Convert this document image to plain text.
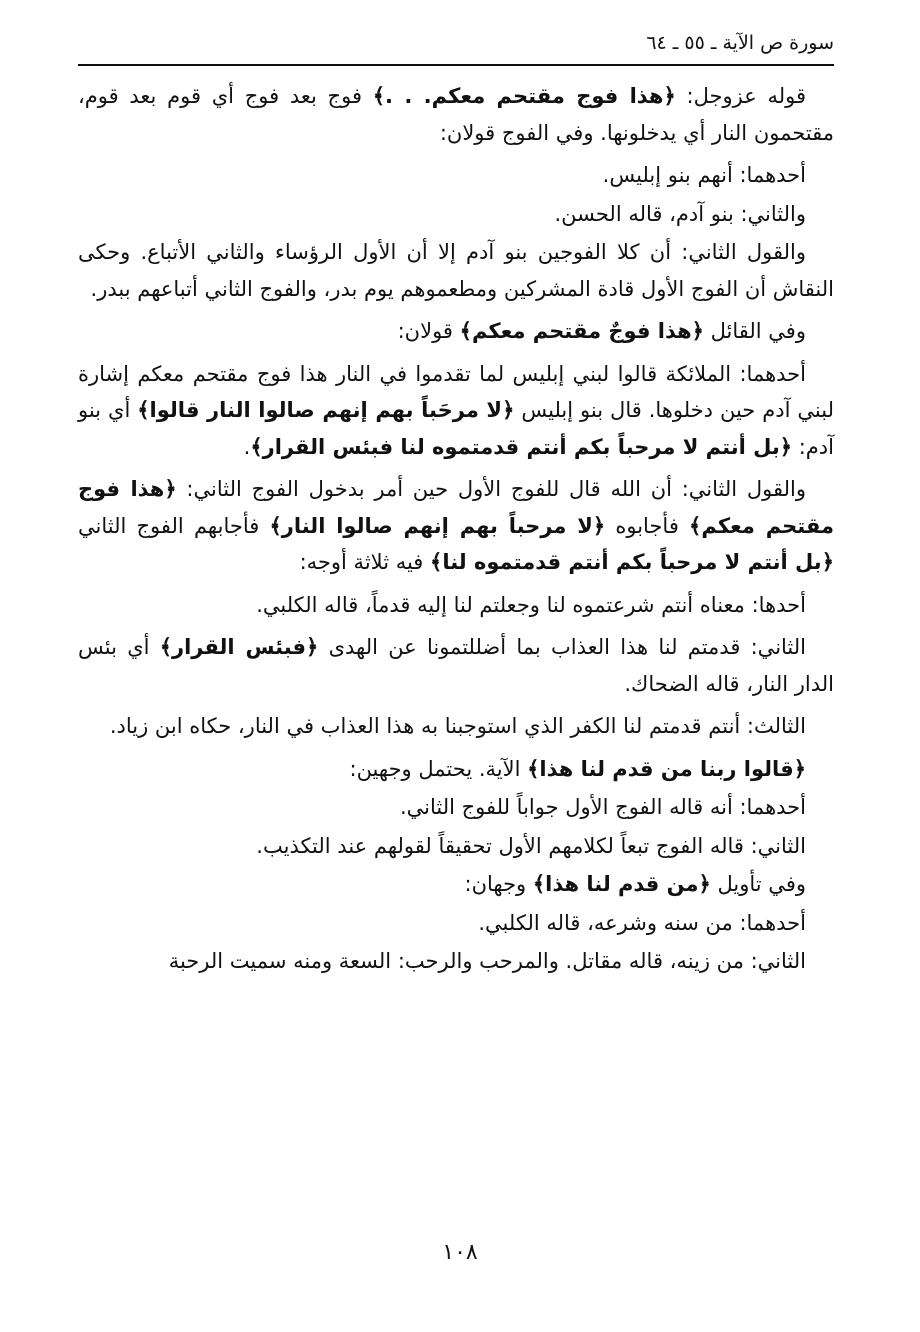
سورة ص الآية ـ ٥٥ ـ ٦٤

قوله عزوجل: ﴿هذا فوج مقتحم معكم. . .﴾ فوج بعد فوج أي قوم بعد قوم، مقتحمون النار أي يدخلونها. وفي الفوج قولان:

أحدهما: أنهم بنو إبليس.

والثاني: بنو آدم، قاله الحسن.

والقول الثاني: أن كلا الفوجين بنو آدم إلا أن الأول الرؤساء والثاني الأتباع. وحكى النقاش أن الفوج الأول قادة المشركين ومطعموهم يوم بدر، والفوج الثاني أتباعهم ببدر.

وفي القائل ﴿هذا فوجٌ مقتحم معكم﴾ قولان:

أحدهما: الملائكة قالوا لبني إبليس لما تقدموا في النار هذا فوج مقتحم معكم إشارة لبني آدم حين دخلوها. قال بنو إبليس ﴿لا مرحَباً بهم إنهم صالوا النار قالوا﴾ أي بنو آدم: ﴿بل أنتم لا مرحباً بكم أنتم قدمتموه لنا فبئس القرار﴾.

والقول الثاني: أن الله قال للفوج الأول حين أمر بدخول الفوج الثاني: ﴿هذا فوج مقتحم معكم﴾ فأجابوه ﴿لا مرحباً بهم إنهم صالوا النار﴾ فأجابهم الفوج الثاني ﴿بل أنتم لا مرحباً بكم أنتم قدمتموه لنا﴾ فيه ثلاثة أوجه:

أحدها: معناه أنتم شرعتموه لنا وجعلتم لنا إليه قدماً، قاله الكلبي.

الثاني: قدمتم لنا هذا العذاب بما أضللتمونا عن الهدى ﴿فبئس القرار﴾ أي بئس الدار النار، قاله الضحاك.

الثالث: أنتم قدمتم لنا الكفر الذي استوجبنا به هذا العذاب في النار، حكاه ابن زياد.

﴿قالوا ربنا من قدم لنا هذا﴾ الآية. يحتمل وجهين:

أحدهما: أنه قاله الفوج الأول جواباً للفوج الثاني.

الثاني: قاله الفوج تبعاً لكلامهم الأول تحقيقاً لقولهم عند التكذيب.

وفي تأويل ﴿من قدم لنا هذا﴾ وجهان:

أحدهما: من سنه وشرعه، قاله الكلبي.

الثاني: من زينه، قاله مقاتل. والمرحب والرحب: السعة ومنه سميت الرحبة

١٠٨
